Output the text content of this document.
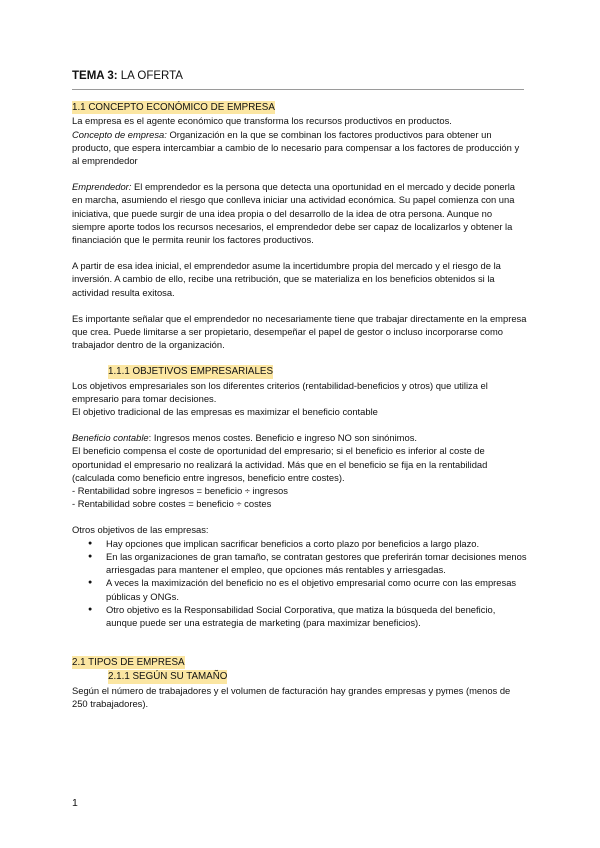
TEMA 3: LA OFERTA
1.1 CONCEPTO ECONÓMICO DE EMPRESA

La empresa es el agente económico que transforma los recursos productivos en productos.

Concepto de empresa: Organización en la que se combinan los factores productivos para obtener un producto, que espera intercambiar a cambio de lo necesario para compensar a los factores de producción y al emprendedor

Emprendedor: El emprendedor es la persona que detecta una oportunidad en el mercado y decide ponerla en marcha, asumiendo el riesgo que conlleva iniciar una actividad económica. Su papel comienza con una iniciativa, que puede surgir de una idea propia o del desarrollo de la idea de otra persona. Aunque no siempre aporte todos los recursos necesarios, el emprendedor debe ser capaz de localizarlos y obtener la financiación que le permita reunir los factores productivos.

A partir de esa idea inicial, el emprendedor asume la incertidumbre propia del mercado y el riesgo de la inversión. A cambio de ello, recibe una retribución, que se materializa en los beneficios obtenidos si la actividad resulta exitosa.

Es importante señalar que el emprendedor no necesariamente tiene que trabajar directamente en la empresa que crea. Puede limitarse a ser propietario, desempeñar el papel de gestor o incluso incorporarse como trabajador dentro de la organización.

1.1.1 OBJETIVOS EMPRESARIALES

Los objetivos empresariales son los diferentes criterios (rentabilidad-beneficios y otros) que utiliza el empresario para tomar decisiones.

El objetivo tradicional de las empresas es maximizar el beneficio contable

Beneficio contable: Ingresos menos costes. Beneficio e ingreso NO son sinónimos.

El beneficio compensa el coste de oportunidad del empresario; si el beneficio es inferior al coste de oportunidad el empresario no realizará la actividad. Más que en el beneficio se fija en la rentabilidad (calculada como beneficio entre ingresos, beneficio entre costes).

- Rentabilidad sobre ingresos = beneficio ÷ ingresos

- Rentabilidad sobre costes = beneficio ÷ costes

Otros objetivos de las empresas:

● Hay opciones que implican sacrificar beneficios a corto plazo por beneficios a largo plazo.
● En las organizaciones de gran tamaño, se contratan gestores que preferirán tomar decisiones menos arriesgadas para mantener el empleo, que opciones más rentables y arriesgadas.
● A veces la maximización del beneficio no es el objetivo empresarial como ocurre con las empresas públicas y ONGs.
● Otro objetivo es la Responsabilidad Social Corporativa, que matiza la búsqueda del beneficio, aunque puede ser una estrategia de marketing (para maximizar beneficios).
2.1 TIPOS DE EMPRESA
2.1.1 SEGÚN SU TAMAÑO

Según el número de trabajadores y el volumen de facturación hay grandes empresas y pymes (menos de 250 trabajadores).

1
